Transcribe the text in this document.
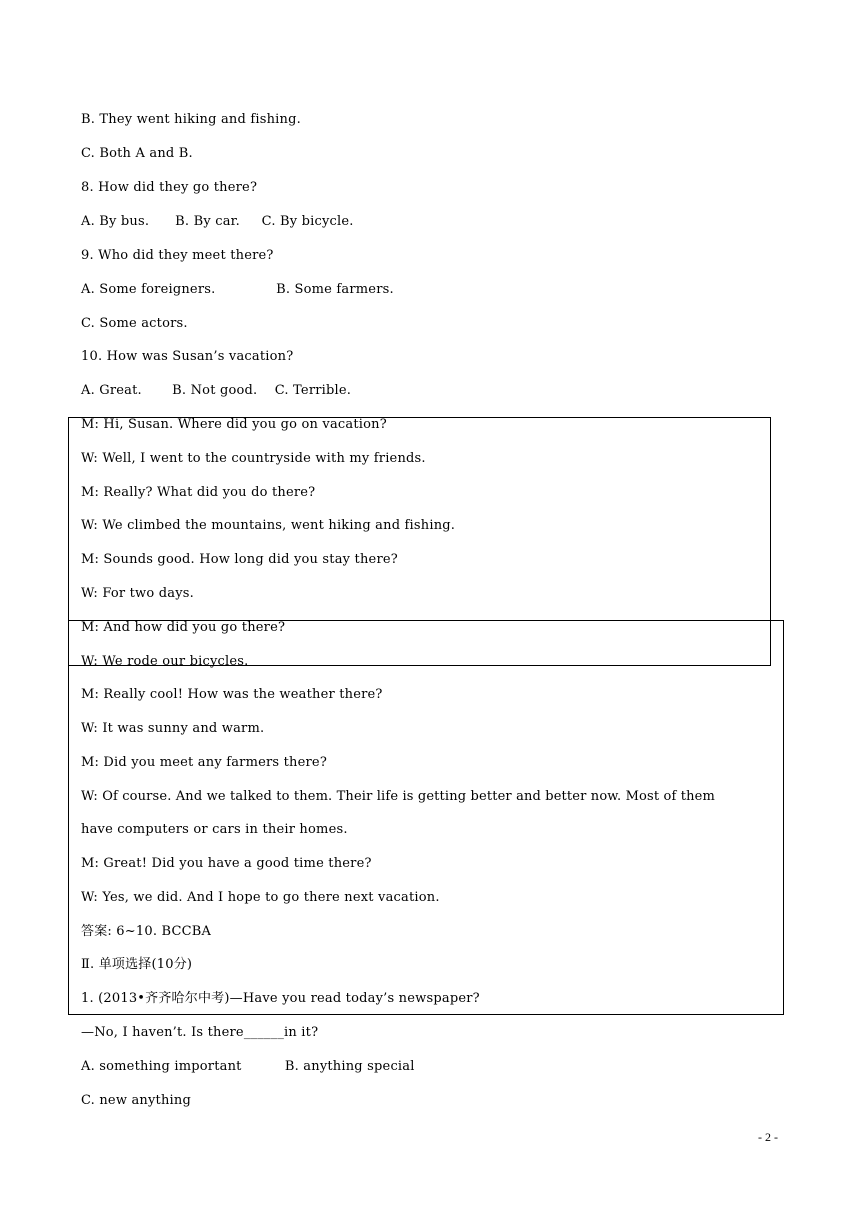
B. They went hiking and fishing.
C. Both A and B.
8. How did they go there?
A. By bus.      B. By car.     C. By bicycle.
9. Who did they meet there?
A. Some foreigners.              B. Some farmers.
C. Some actors.
10. How was Susan’s vacation?
A. Great.       B. Not good.    C. Terrible.
M: Hi, Susan. Where did you go on vacation?
W: Well, I went to the countryside with my friends.
M: Really? What did you do there?
W: We climbed the mountains, went hiking and fishing.
M: Sounds good. How long did you stay there?
W: For two days.
M: And how did you go there?
W: We rode our bicycles.
M: Really cool! How was the weather there?
W: It was sunny and warm.
M: Did you meet any farmers there?
W: Of course. And we talked to them. Their life is getting better and better now. Most of them
have computers or cars in their homes.
M: Great! Did you have a good time there?
W: Yes, we did. And I hope to go there next vacation.
答案: 6~10. BCCBA
Ⅱ. 单项选择(10分)
1. (2013•齐齐哈尔中考)—Have you read today’s newspaper?
—No, I haven’t. Is there______in it?
A. something important          B. anything special
C. new anything
- 2 -
